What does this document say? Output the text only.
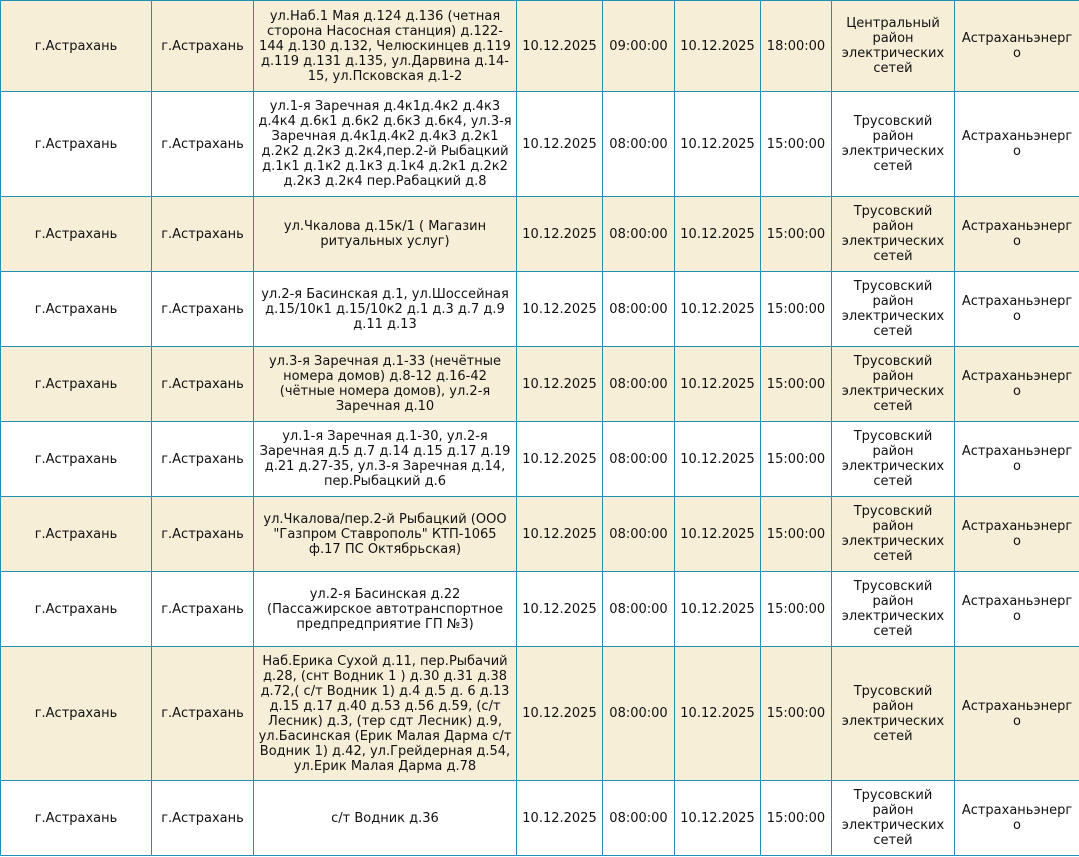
г.Астрахань	г.Астрахань	ул.Наб.1 Мая д.124 д.136 (четная сторона Насосная станция) д.122-144 д.130 д.132, Челюскинцев д.119 д.119 д.131 д.135, ул.Дарвина д.14-15, ул.Псковская д.1-2	10.12.2025	09:00:00	10.12.2025	18:00:00	Центральный район электрических сетей	Астраханьэнерго
г.Астрахань	г.Астрахань	ул.1-я Заречная д.4к1д.4к2 д.4к3 д.4к4 д.6к1 д.6к2 д.6к3 д.6к4, ул.3-я Заречная д.4к1д.4к2 д.4к3 д.2к1 д.2к2 д.2к3 д.2к4,пер.2-й Рыбацкий д.1к1 д.1к2 д.1к3 д.1к4 д.2к1 д.2к2 д.2к3 д.2к4 пер.Рабацкий д.8	10.12.2025	08:00:00	10.12.2025	15:00:00	Трусовский район электрических сетей	Астраханьэнерго
г.Астрахань	г.Астрахань	ул.Чкалова д.15к/1 ( Магазин ритуальных услуг)	10.12.2025	08:00:00	10.12.2025	15:00:00	Трусовский район электрических сетей	Астраханьэнерго
г.Астрахань	г.Астрахань	ул.2-я Басинская д.1, ул.Шоссейная д.15/10к1 д.15/10к2 д.1 д.3 д.7 д.9 д.11 д.13	10.12.2025	08:00:00	10.12.2025	15:00:00	Трусовский район электрических сетей	Астраханьэнерго
г.Астрахань	г.Астрахань	ул.3-я Заречная д.1-33 (нечётные номера домов) д.8-12 д.16-42 (чётные номера домов), ул.2-я Заречная д.10	10.12.2025	08:00:00	10.12.2025	15:00:00	Трусовский район электрических сетей	Астраханьэнерго
г.Астрахань	г.Астрахань	ул.1-я Заречная д.1-30, ул.2-я Заречная д.5 д.7 д.14 д.15 д.17 д.19 д.21 д.27-35, ул.3-я Заречная д.14, пер.Рыбацкий д.6	10.12.2025	08:00:00	10.12.2025	15:00:00	Трусовский район электрических сетей	Астраханьэнерго
г.Астрахань	г.Астрахань	ул.Чкалова/пер.2-й Рыбацкий (ООО "Газпром Ставрополь" КТП-1065 ф.17 ПС Октябрьская)	10.12.2025	08:00:00	10.12.2025	15:00:00	Трусовский район электрических сетей	Астраханьэнерго
г.Астрахань	г.Астрахань	ул.2-я Басинская д.22 (Пассажирское автотранспортное предпредприятие ГП №3)	10.12.2025	08:00:00	10.12.2025	15:00:00	Трусовский район электрических сетей	Астраханьэнерго
г.Астрахань	г.Астрахань	Наб.Ерика Сухой д.11, пер.Рыбачий д.28, (снт Водник 1 ) д.30 д.31 д.38 д.72,( с/т Водник 1) д.4 д.5 д. 6 д.13 д.15 д.17 д.40 д.53 д.56 д.59, (с/т Лесник) д.3, (тер сдт Лесник) д.9, ул.Басинская (Ерик Малая Дарма с/т Водник 1) д.42, ул.Грейдерная д.54, ул.Ерик Малая Дарма д.78	10.12.2025	08:00:00	10.12.2025	15:00:00	Трусовский район электрических сетей	Астраханьэнерго
г.Астрахань	г.Астрахань	с/т Водник д.36	10.12.2025	08:00:00	10.12.2025	15:00:00	Трусовский район электрических сетей	Астраханьэнерго
